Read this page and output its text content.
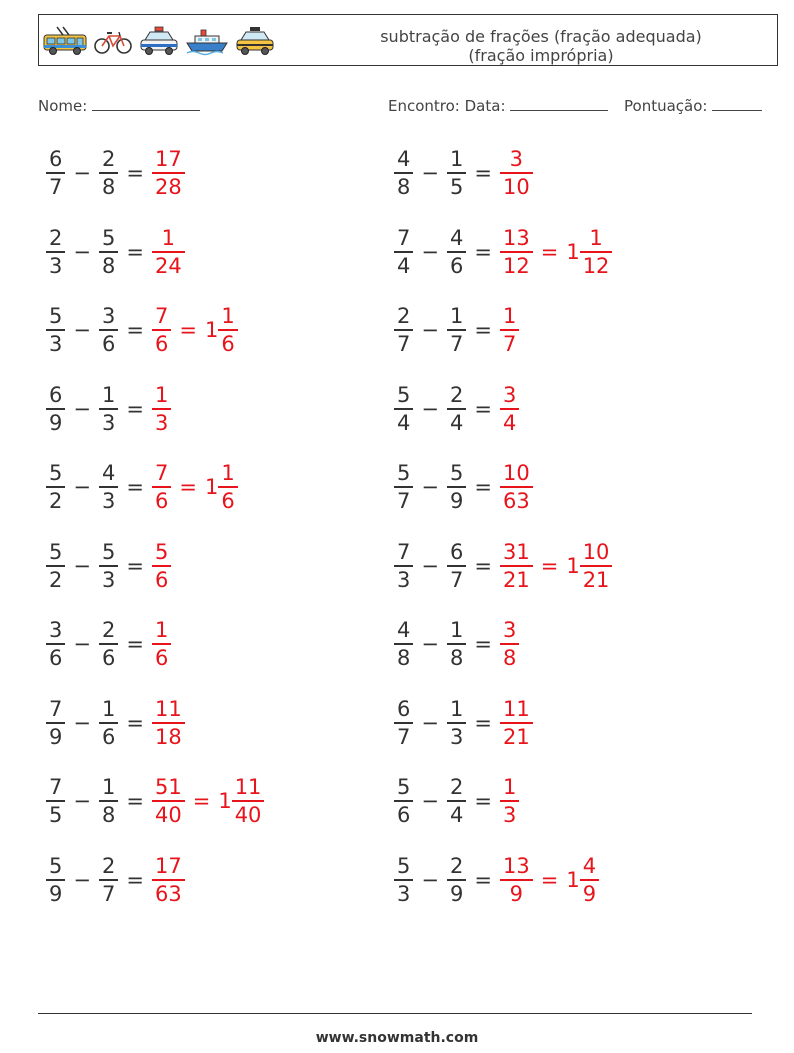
subtração de frações (fração adequada)
(fração imprópria)
Nome:	Encontro: Data:	Pontuação:
$\frac{6}{7} - \frac{2}{8} = \frac{17}{28}$	$\frac{4}{8} - \frac{1}{5} = \frac{3}{10}$
$\frac{2}{3} - \frac{5}{8} = \frac{1}{24}$	$\frac{7}{4} - \frac{4}{6} = \frac{13}{12} = 1 \frac{1}{12}$
$\frac{5}{3} - \frac{3}{6} = \frac{7}{6} = 1 \frac{1}{6}$	$\frac{2}{7} - \frac{1}{7} = \frac{1}{7}$
$\frac{6}{9} - \frac{1}{3} = \frac{1}{3}$	$\frac{5}{4} - \frac{2}{4} = \frac{3}{4}$
$\frac{5}{2} - \frac{4}{3} = \frac{7}{6} = 1 \frac{1}{6}$	$\frac{5}{7} - \frac{5}{9} = \frac{10}{63}$
$\frac{5}{2} - \frac{5}{3} = \frac{5}{6}$	$\frac{7}{3} - \frac{6}{7} = \frac{31}{21} = 1 \frac{10}{21}$
$\frac{3}{6} - \frac{2}{6} = \frac{1}{6}$	$\frac{4}{8} - \frac{1}{8} = \frac{3}{8}$
$\frac{7}{9} - \frac{1}{6} = \frac{11}{18}$	$\frac{6}{7} - \frac{1}{3} = \frac{11}{21}$
$\frac{7}{5} - \frac{1}{8} = \frac{51}{40} = 1 \frac{11}{40}$	$\frac{5}{6} - \frac{2}{4} = \frac{1}{3}$
$\frac{5}{9} - \frac{2}{7} = \frac{17}{63}$	$\frac{5}{3} - \frac{2}{9} = \frac{13}{9} = 1 \frac{4}{9}$
www.snowmath.com
